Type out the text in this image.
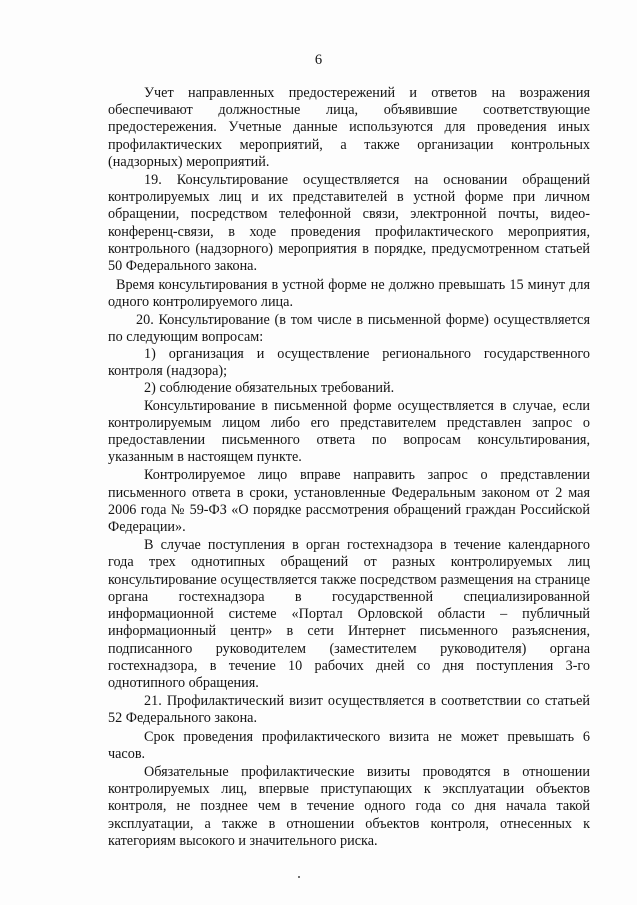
6

Учет направленных предостережений и ответов на возражения обеспечивают должностные лица, объявившие соответствующие предостережения. Учетные данные используются для проведения иных профилактических мероприятий, а также организации контрольных (надзорных) мероприятий.

19. Консультирование осуществляется на основании обращений контролируемых лиц и их представителей в устной форме при личном обращении, посредством телефонной связи, электронной почты, видео-конференц-связи, в ходе проведения профилактического мероприятия, контрольного (надзорного) мероприятия в порядке, предусмотренном статьей 50 Федерального закона.

Время консультирования в устной форме не должно превышать 15 минут для одного контролируемого лица.

20. Консультирование (в том числе в письменной форме) осуществляется по следующим вопросам:

1) организация и осуществление регионального государственного контроля (надзора);

2) соблюдение обязательных требований.

Консультирование в письменной форме осуществляется в случае, если контролируемым лицом либо его представителем представлен запрос о предоставлении письменного ответа по вопросам консультирования, указанным в настоящем пункте.

Контролируемое лицо вправе направить запрос о представлении письменного ответа в сроки, установленные Федеральным законом от 2 мая 2006 года № 59-ФЗ «О порядке рассмотрения обращений граждан Российской Федерации».

В случае поступления в орган гостехнадзора в течение календарного года трех однотипных обращений от разных контролируемых лиц консультирование осуществляется также посредством размещения на странице органа гостехнадзора в государственной специализированной информационной системе «Портал Орловской области – публичный информационный центр» в сети Интернет письменного разъяснения, подписанного руководителем (заместителем руководителя) органа гостехнадзора, в течение 10 рабочих дней со дня поступления 3-го однотипного обращения.

21. Профилактический визит осуществляется в соответствии со статьей 52 Федерального закона.

Срок проведения профилактического визита не может превышать 6 часов.

Обязательные профилактические визиты проводятся в отношении контролируемых лиц, впервые приступающих к эксплуатации объектов контроля, не позднее чем в течение одного года со дня начала такой эксплуатации, а также в отношении объектов контроля, отнесенных к категориям высокого и значительного риска.
